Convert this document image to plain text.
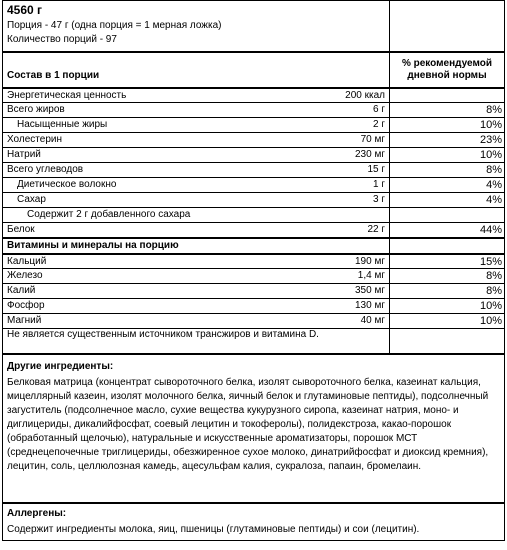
4560 г
Порция - 47 г (одна порция = 1 мерная ложка)
Количество порций - 97
Состав в 1 порции
% рекомендуемой дневной нормы
Энергетическая ценность	200 ккал
Всего жиров	6 г	8%
Насыщенные жиры	2 г	10%
Холестерин	70 мг	23%
Натрий	230 мг	10%
Всего углеводов	15 г	8%
Диетическое волокно	1 г	4%
Сахар	3 г	4%
Содержит 2 г добавленного сахара
Белок	22 г	44%
Витамины и минералы на порцию
Кальций	190 мг	15%
Железо	1,4 мг	8%
Калий	350 мг	8%
Фосфор	130 мг	10%
Магний	40 мг	10%
Не является существенным источником трансжиров и витамина D.
Другие ингредиенты:
Белковая матрица (концентрат сывороточного белка, изолят сывороточного белка, казеинат кальция, мицеллярный казеин, изолят молочного белка, яичный белок и глутаминовые пептиды), подсолнечный загуститель (подсолнечное масло, сухие вещества кукурузного сиропа, казеинат натрия, моно- и диглицериды, дикалийфосфат, соевый лецитин и токоферолы), полидекстроза, какао-порошок (обработанный щелочью), натуральные и искусственные ароматизаторы, порошок МСТ (среднецепочечные триглицериды, обезжиренное сухое молоко, динатрийфосфат и диоксид кремния), лецитин, соль, целлюлозная камедь, ацесульфам калия, сукралоза, папаин, бромелаин.
Аллергены:
Содержит ингредиенты молока, яиц, пшеницы (глутаминовые пептиды) и сои (лецитин).
